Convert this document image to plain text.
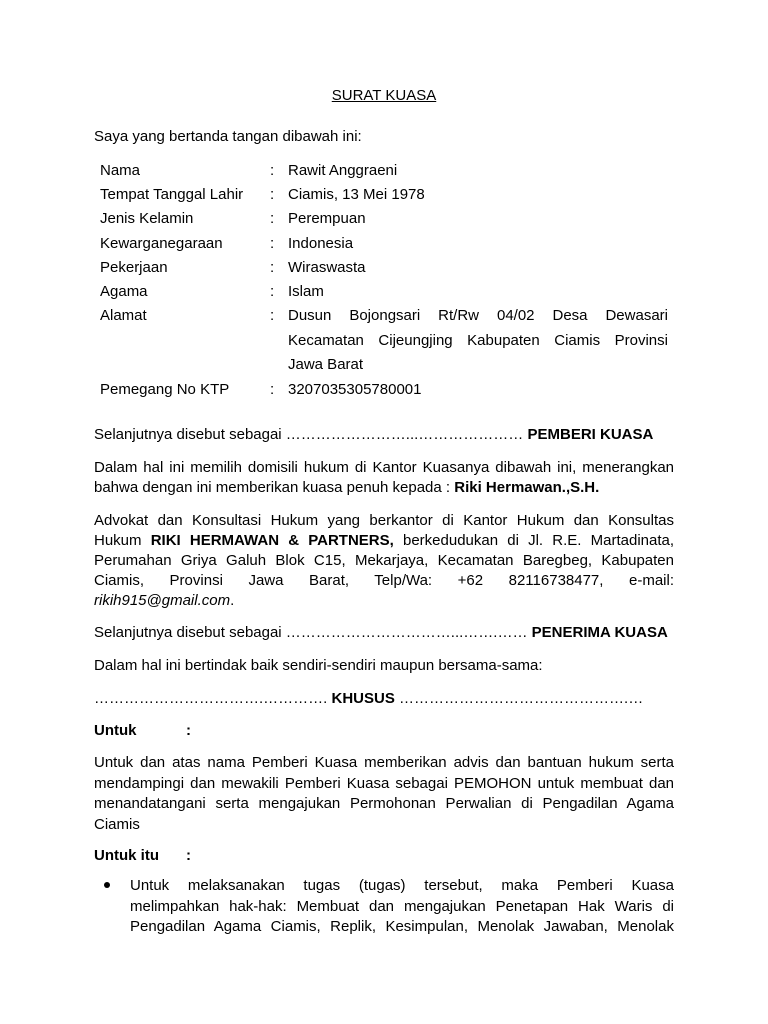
SURAT KUASA
Saya yang bertanda tangan dibawah ini:
Nama	:	Rawit Anggraeni
Tempat Tanggal Lahir	:	Ciamis, 13 Mei 1978
Jenis Kelamin	:	Perempuan
Kewarganegaraan	:	Indonesia
Pekerjaan	:	Wiraswasta
Agama	:	Islam
Alamat	:	Dusun Bojongsari Rt/Rw 04/02 Desa Dewasari
Kecamatan Cijeungjing Kabupaten Ciamis Provinsi
Jawa Barat

Pemegang No KTP	:	3207035305780001
Selanjutnya disebut sebagai ……………………...………………… PEMBERI KUASA
Dalam hal ini memilih domisili hukum di Kantor Kuasanya dibawah ini, menerangkan
bahwa dengan ini memberikan kuasa penuh kepada : Riki Hermawan.,S.H.
Advokat dan Konsultasi Hukum yang berkantor di Kantor Hukum dan Konsultas
Hukum RIKI HERMAWAN & PARTNERS, berkedudukan di Jl. R.E. Martadinata,
Perumahan Griya Galuh Blok C15, Mekarjaya, Kecamatan Baregbeg, Kabupaten
Ciamis, Provinsi Jawa Barat, Telp/Wa: +62 82116738477, e-mail:
rikih915@gmail.com.
Selanjutnya disebut sebagai ……………………………...…….…… PENERIMA KUASA
Dalam hal ini bertindak baik sendiri-sendiri maupun bersama-sama:
…………………………….…………. KHUSUS ……………………………………….…
Untuk	:
Untuk dan atas nama Pemberi Kuasa memberikan advis dan bantuan hukum serta
mendampingi dan mewakili Pemberi Kuasa sebagai PEMOHON untuk membuat dan
menandatangani serta mengajukan Permohonan Perwalian di Pengadilan Agama
Ciamis
Untuk itu :
Untuk melaksanakan tugas (tugas) tersebut, maka Pemberi Kuasa
melimpahkan hak-hak: Membuat dan mengajukan Penetapan Hak Waris di
Pengadilan Agama Ciamis, Replik, Kesimpulan, Menolak Jawaban, Menolak
